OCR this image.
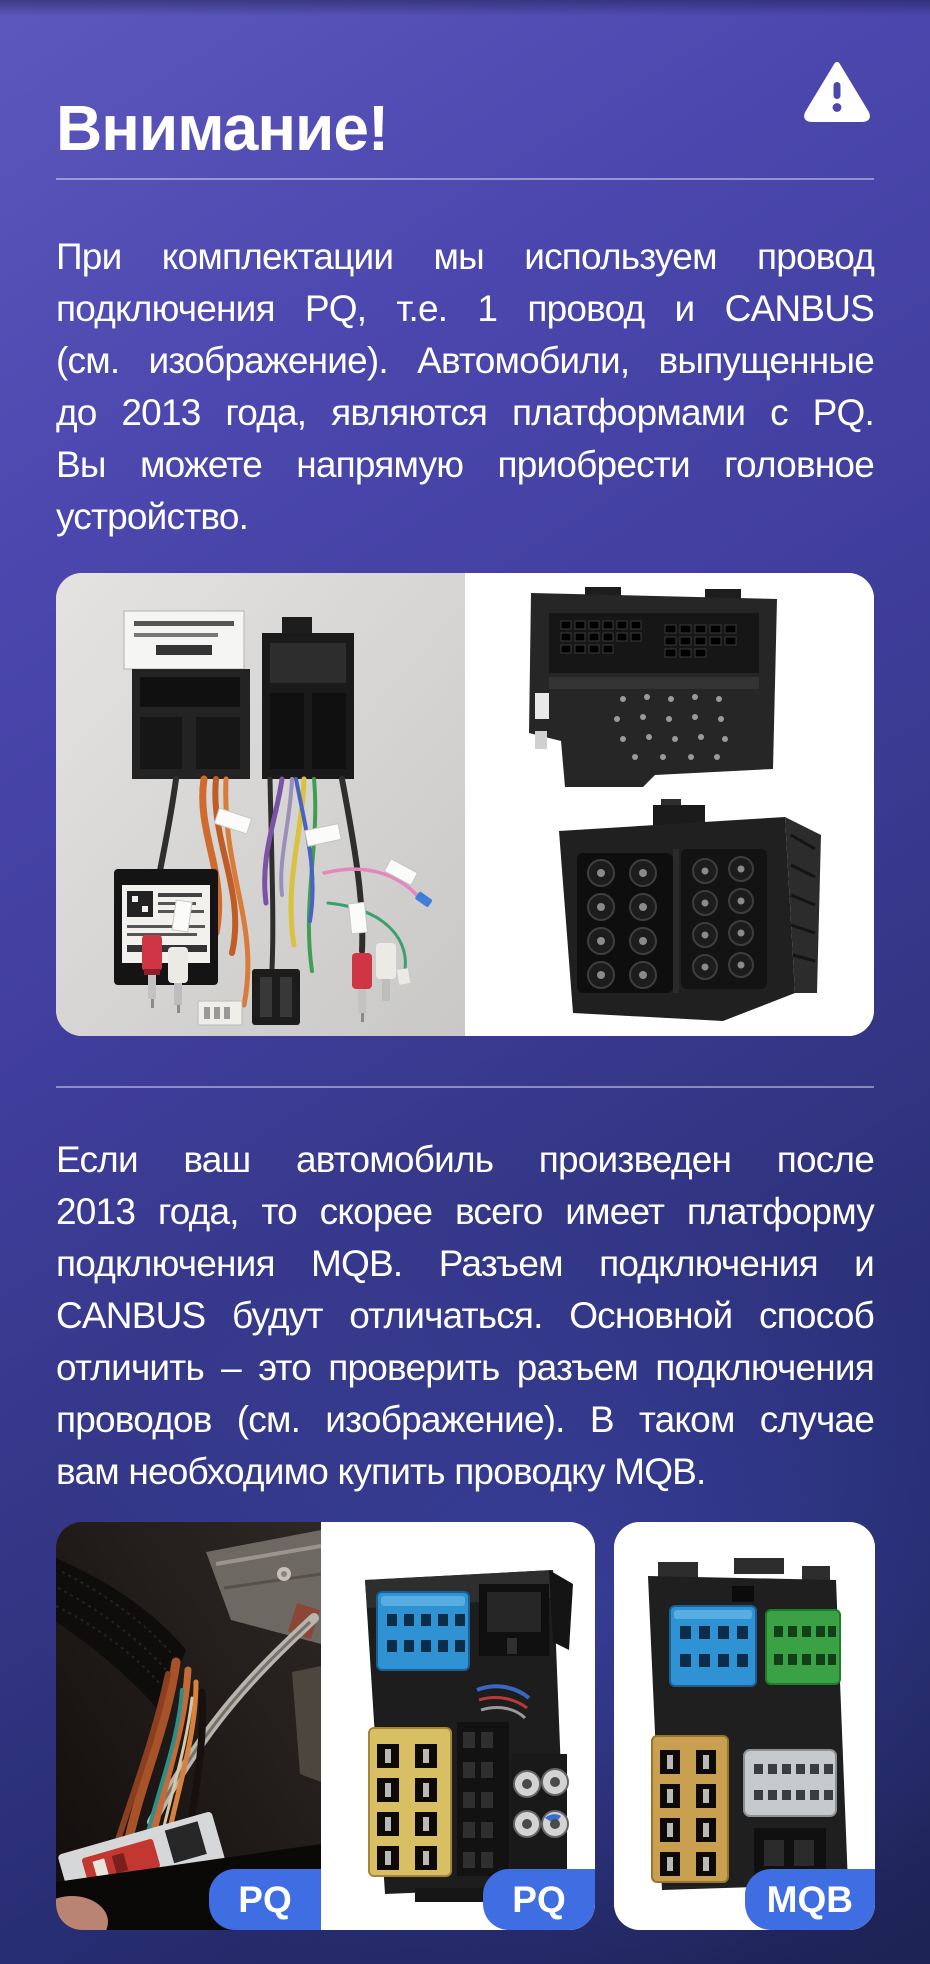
Внимание!
При комплектации мы используем провод
подключения PQ, т.е. 1 провод и CANBUS
(см. изображение). Автомобили, выпущенные
до 2013 года, являются платформами с PQ.
Вы можете напрямую приобрести головное
устройство.
Если ваш автомобиль произведен после
2013 года, то скорее всего имеет платформу
подключения MQB. Разъем подключения и
CANBUS будут отличаться. Основной способ
отличить – это проверить разъем подключения
проводов (см. изображение). В таком случае
вам необходимо купить проводку MQB.
PQ	PQ	MQB
